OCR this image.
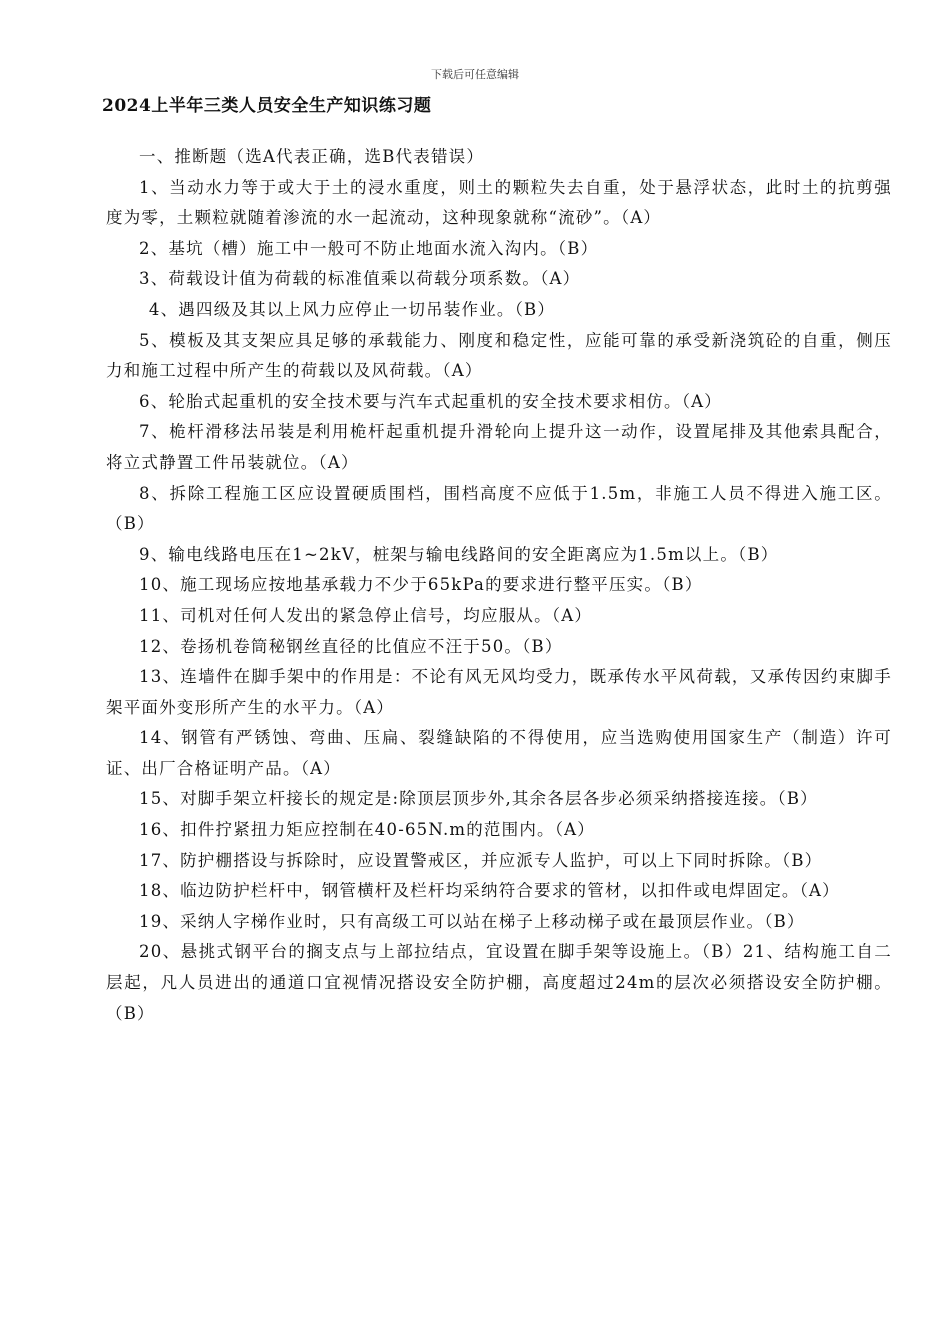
下载后可任意编辑
2024上半年三类人员安全生产知识练习题

一、推断题（选A代表正确，选B代表错误）

1、当动水力等于或大于土的浸水重度，则土的颗粒失去自重，处于悬浮状态，此时土的抗剪强度为零，土颗粒就随着渗流的水一起流动，这种现象就称“流砂”。（A）

2、基坑（槽）施工中一般可不防止地面水流入沟内。（B）

3、荷载设计值为荷载的标准值乘以荷载分项系数。（A）

4、遇四级及其以上风力应停止一切吊装作业。（B）

5、模板及其支架应具足够的承载能力、刚度和稳定性，应能可靠的承受新浇筑砼的自重，侧压力和施工过程中所产生的荷载以及风荷载。（A）

6、轮胎式起重机的安全技术要与汽车式起重机的安全技术要求相仿。（A）

7、桅杆滑移法吊装是利用桅杆起重机提升滑轮向上提升这一动作，设置尾排及其他索具配合，将立式静置工件吊装就位。（A）

8、拆除工程施工区应设置硬质围档，围档高度不应低于1.5m，非施工人员不得进入施工区。（B）

9、输电线路电压在1~2kV，桩架与输电线路间的安全距离应为1.5m以上。（B）

10、施工现场应按地基承载力不少于65kPa的要求进行整平压实。（B）

11、司机对任何人发出的紧急停止信号，均应服从。（A）

12、卷扬机卷筒秘钢丝直径的比值应不汪于50。（B）

13、连墙件在脚手架中的作用是：不论有风无风均受力，既承传水平风荷载，又承传因约束脚手架平面外变形所产生的水平力。（A）

14、钢管有严锈蚀、弯曲、压扁、裂缝缺陷的不得使用，应当选购使用国家生产（制造）许可证、出厂合格证明产品。（A）

15、对脚手架立杆接长的规定是:除顶层顶步外,其余各层各步必须采纳搭接连接。（B）

16、扣件拧紧扭力矩应控制在40-65N.m的范围内。（A）

17、防护棚搭设与拆除时，应设置警戒区，并应派专人监护，可以上下同时拆除。（B）

18、临边防护栏杆中，钢管横杆及栏杆均采纳符合要求的管材，以扣件或电焊固定。（A）

19、采纳人字梯作业时，只有高级工可以站在梯子上移动梯子或在最顶层作业。（B）

20、悬挑式钢平台的搁支点与上部拉结点，宜设置在脚手架等设施上。（B）21、结构施工自二层起，凡人员进出的通道口宜视情况搭设安全防护棚，高度超过24m的层次必须搭设安全防护棚。（B）
